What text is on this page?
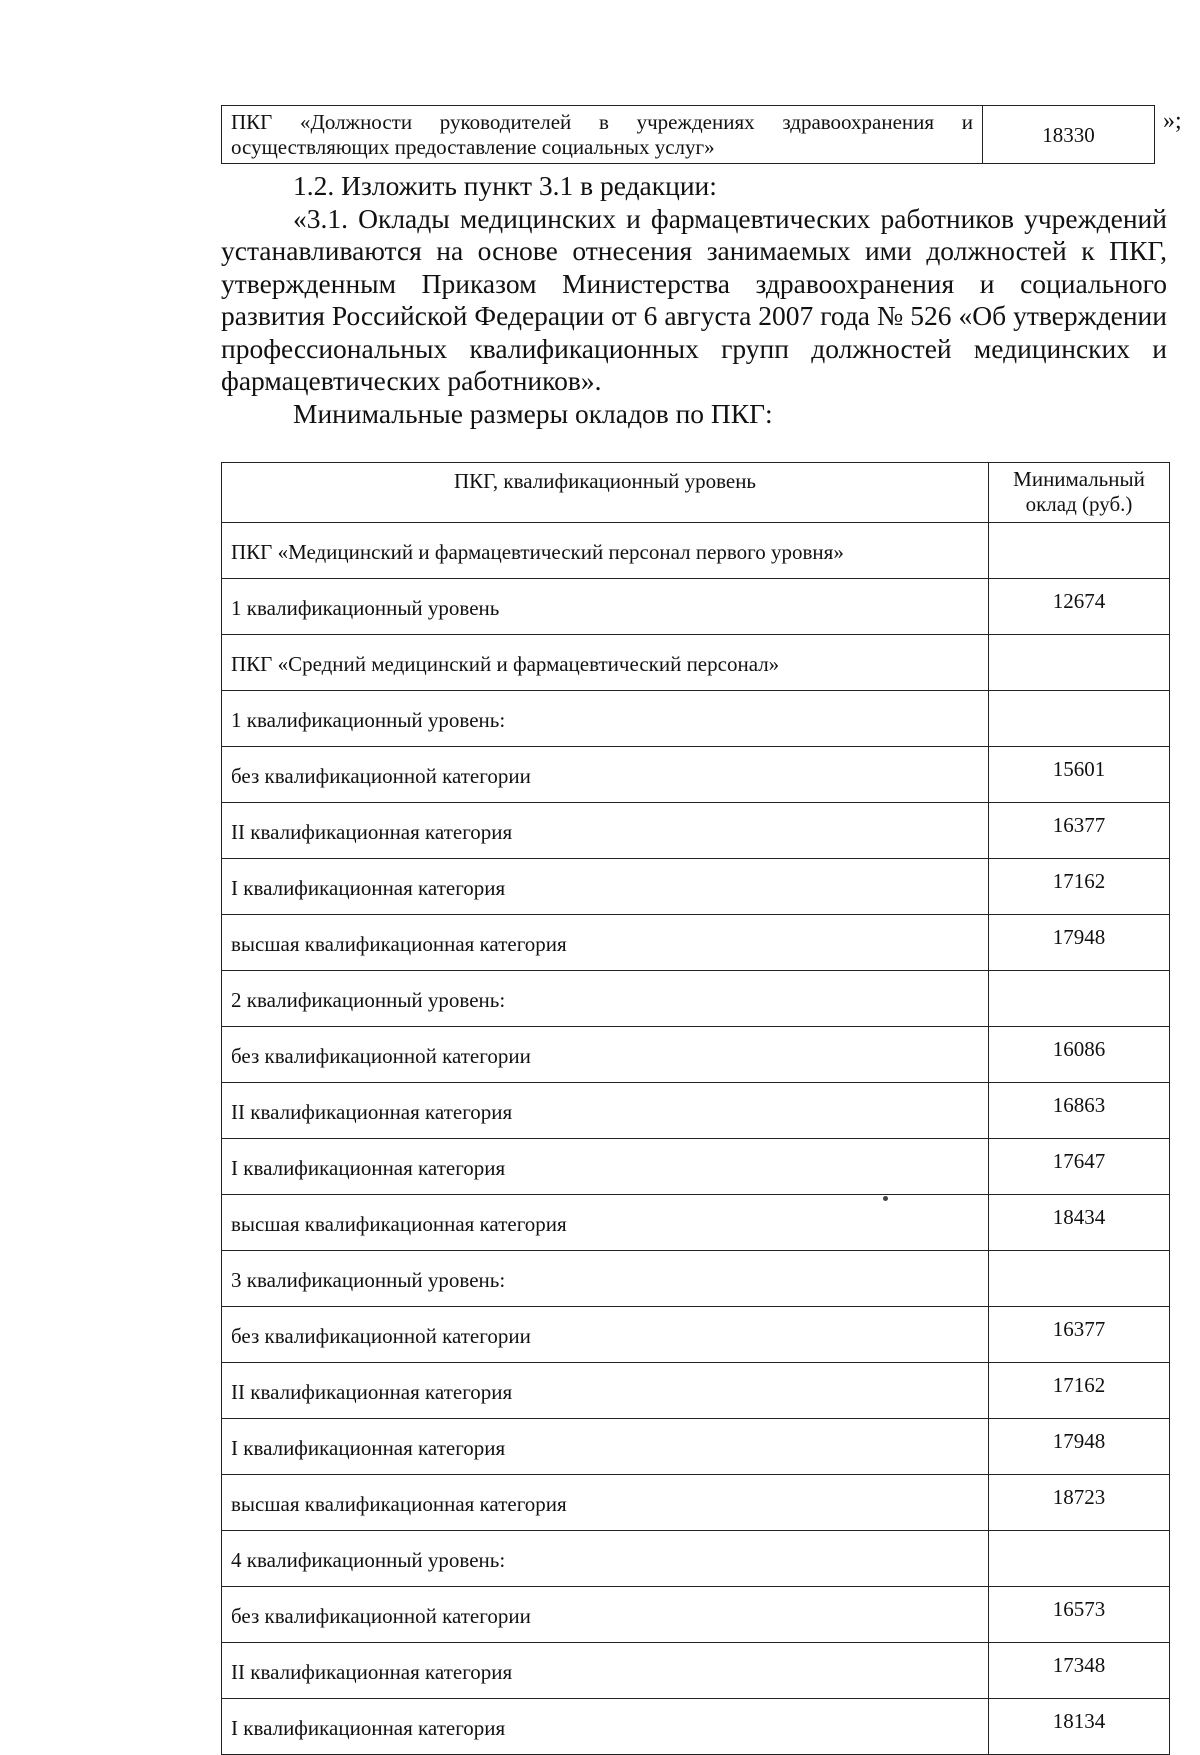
ПКГ «Должности руководителей в учреждениях здравоохранения и осуществляющих предоставление социальных услуг»	18330
»;

1.2. Изложить пункт 3.1 в редакции:

«3.1. Оклады медицинских и фармацевтических работников учреждений устанавливаются на основе отнесения занимаемых ими должностей к ПКГ, утвержденным Приказом Министерства здравоохранения и социального развития Российской Федерации от 6 августа 2007 года № 526 «Об утверждении профессиональных квалификационных групп должностей медицинских и фармацевтических работников».

Минимальные размеры окладов по ПКГ:

ПКГ, квалификационный уровень	Минимальный оклад (руб.)
ПКГ «Медицинский и фармацевтический персонал первого уровня»	
1 квалификационный уровень	12674
ПКГ «Средний медицинский и фармацевтический персонал»	
1 квалификационный уровень:	
без квалификационной категории	15601
II квалификационная категория	16377
I квалификационная категория	17162
высшая квалификационная категория	17948
2 квалификационный уровень:	
без квалификационной категории	16086
II квалификационная категория	16863
I квалификационная категория	17647
высшая квалификационная категория	18434
3 квалификационный уровень:	
без квалификационной категории	16377
II квалификационная категория	17162
I квалификационная категория	17948
высшая квалификационная категория	18723
4 квалификационный уровень:	
без квалификационной категории	16573
II квалификационная категория	17348
I квалификационная категория	18134
